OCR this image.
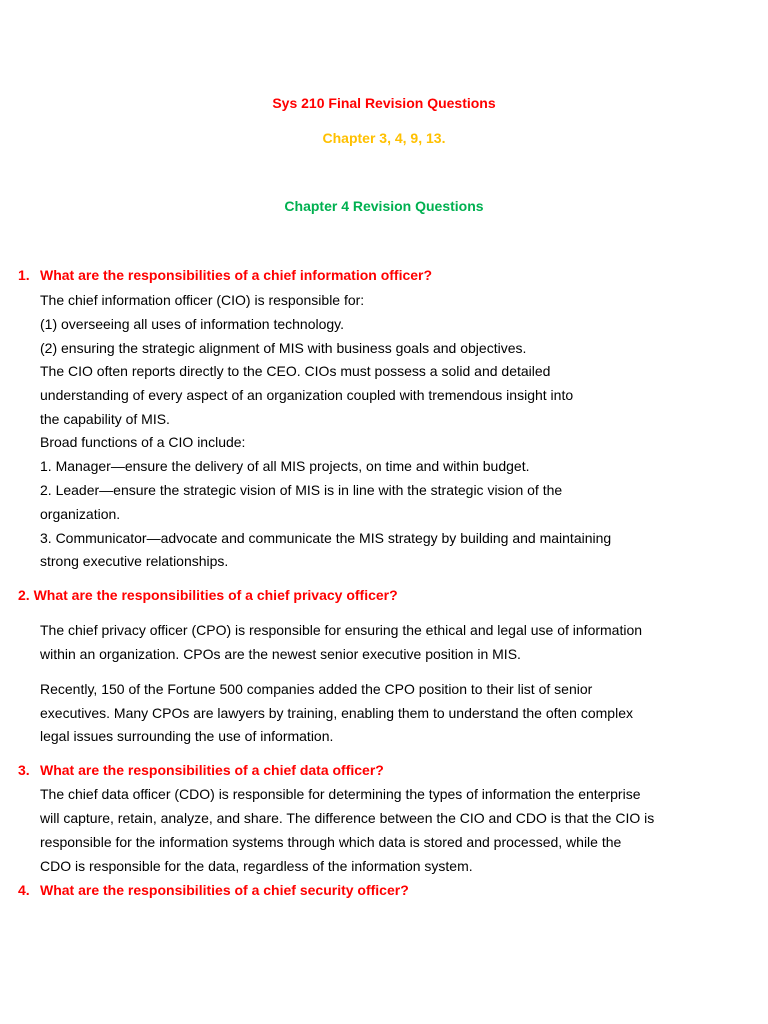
Sys 210 Final Revision Questions
Chapter 3, 4, 9, 13.
Chapter 4 Revision Questions
1. What are the responsibilities of a chief information officer?
The chief information officer (CIO) is responsible for:
(1) overseeing all uses of information technology.
(2) ensuring the strategic alignment of MIS with business goals and objectives.
The CIO often reports directly to the CEO. CIOs must possess a solid and detailed
understanding of every aspect of an organization coupled with tremendous insight into
the capability of MIS.
Broad functions of a CIO include:
1. Manager—ensure the delivery of all MIS projects, on time and within budget.
2. Leader—ensure the strategic vision of MIS is in line with the strategic vision of the
organization.
3. Communicator—advocate and communicate the MIS strategy by building and maintaining
strong executive relationships.
2. What are the responsibilities of a chief privacy officer?
The chief privacy officer (CPO) is responsible for ensuring the ethical and legal use of information
within an organization. CPOs are the newest senior executive position in MIS.
Recently, 150 of the Fortune 500 companies added the CPO position to their list of senior
executives. Many CPOs are lawyers by training, enabling them to understand the often complex
legal issues surrounding the use of information.
3. What are the responsibilities of a chief data officer?
The chief data officer (CDO) is responsible for determining the types of information the enterprise
will capture, retain, analyze, and share. The difference between the CIO and CDO is that the CIO is
responsible for the information systems through which data is stored and processed, while the
CDO is responsible for the data, regardless of the information system.
4. What are the responsibilities of a chief security officer?
